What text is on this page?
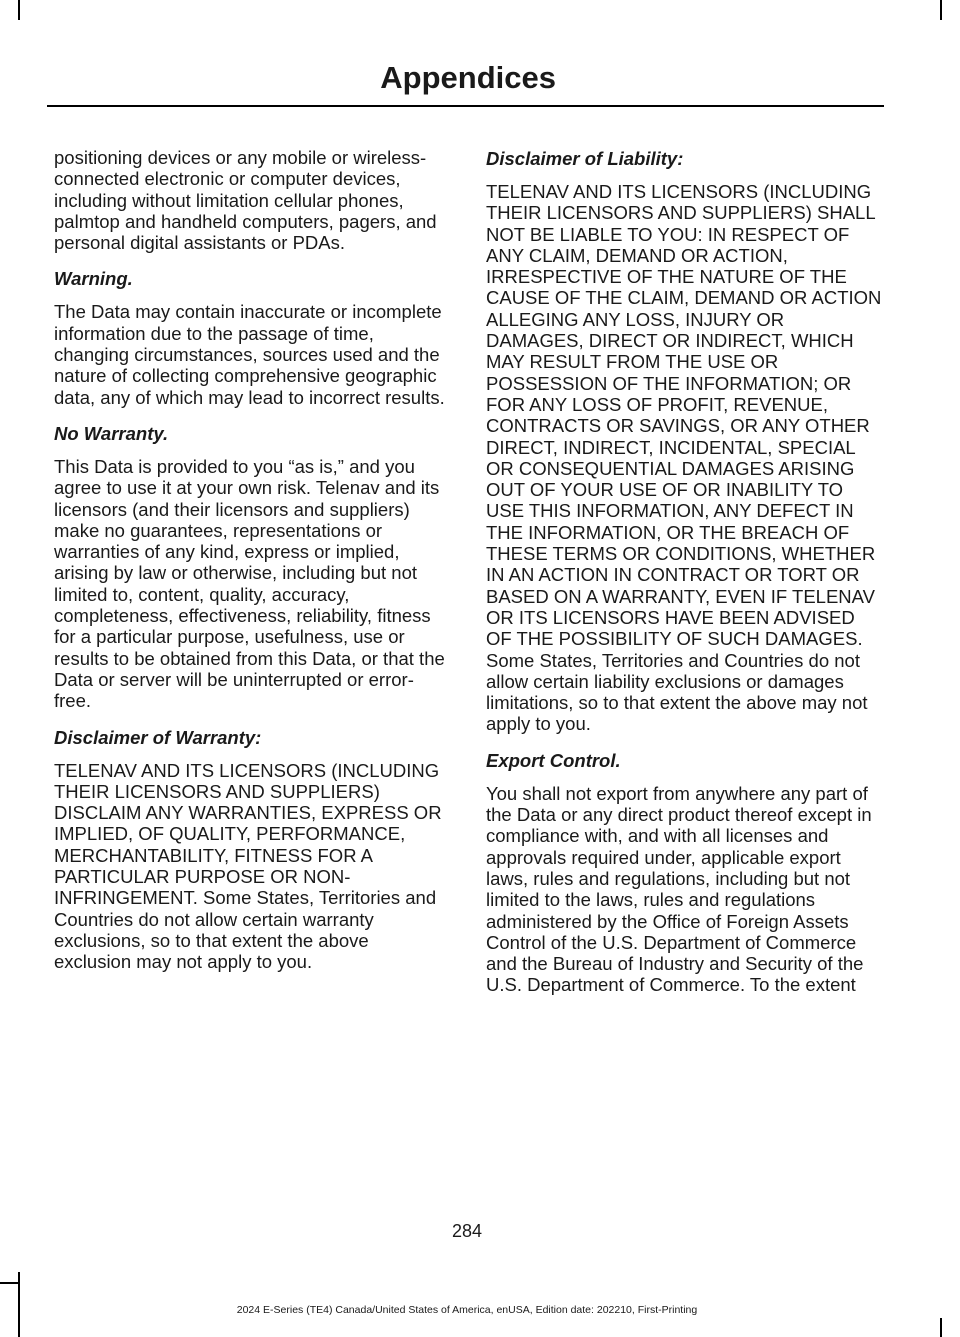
Appendices

positioning devices or any mobile or wireless-connected electronic or computer devices, including without limitation cellular phones, palmtop and handheld computers, pagers, and personal digital assistants or PDAs.

Warning.

The Data may contain inaccurate or incomplete information due to the passage of time, changing circumstances, sources used and the nature of collecting comprehensive geographic data, any of which may lead to incorrect results.

No Warranty.

This Data is provided to you “as is,” and you agree to use it at your own risk. Telenav and its licensors (and their licensors and suppliers) make no guarantees, representations or warranties of any kind, express or implied, arising by law or otherwise, including but not limited to, content, quality, accuracy, completeness, effectiveness, reliability, fitness for a particular purpose, usefulness, use or results to be obtained from this Data, or that the Data or server will be uninterrupted or error-free.

Disclaimer of Warranty:

TELENAV AND ITS LICENSORS (INCLUDING THEIR LICENSORS AND SUPPLIERS) DISCLAIM ANY WARRANTIES, EXPRESS OR IMPLIED, OF QUALITY, PERFORMANCE, MERCHANTABILITY, FITNESS FOR A PARTICULAR PURPOSE OR NON-INFRINGEMENT. Some States, Territories and Countries do not allow certain warranty exclusions, so to that extent the above exclusion may not apply to you.

Disclaimer of Liability:

TELENAV AND ITS LICENSORS (INCLUDING THEIR LICENSORS AND SUPPLIERS) SHALL NOT BE LIABLE TO YOU: IN RESPECT OF ANY CLAIM, DEMAND OR ACTION, IRRESPECTIVE OF THE NATURE OF THE CAUSE OF THE CLAIM, DEMAND OR ACTION ALLEGING ANY LOSS, INJURY OR DAMAGES, DIRECT OR INDIRECT, WHICH MAY RESULT FROM THE USE OR POSSESSION OF THE INFORMATION; OR FOR ANY LOSS OF PROFIT, REVENUE, CONTRACTS OR SAVINGS, OR ANY OTHER DIRECT, INDIRECT, INCIDENTAL, SPECIAL OR CONSEQUENTIAL DAMAGES ARISING OUT OF YOUR USE OF OR INABILITY TO USE THIS INFORMATION, ANY DEFECT IN THE INFORMATION, OR THE BREACH OF THESE TERMS OR CONDITIONS, WHETHER IN AN ACTION IN CONTRACT OR TORT OR BASED ON A WARRANTY, EVEN IF TELENAV OR ITS LICENSORS HAVE BEEN ADVISED OF THE POSSIBILITY OF SUCH DAMAGES. Some States, Territories and Countries do not allow certain liability exclusions or damages limitations, so to that extent the above may not apply to you.

Export Control.

You shall not export from anywhere any part of the Data or any direct product thereof except in compliance with, and with all licenses and approvals required under, applicable export laws, rules and regulations, including but not limited to the laws, rules and regulations administered by the Office of Foreign Assets Control of the U.S. Department of Commerce and the Bureau of Industry and Security of the U.S. Department of Commerce. To the extent

284
2024 E-Series (TE4) Canada/United States of America, enUSA, Edition date: 202210, First-Printing
